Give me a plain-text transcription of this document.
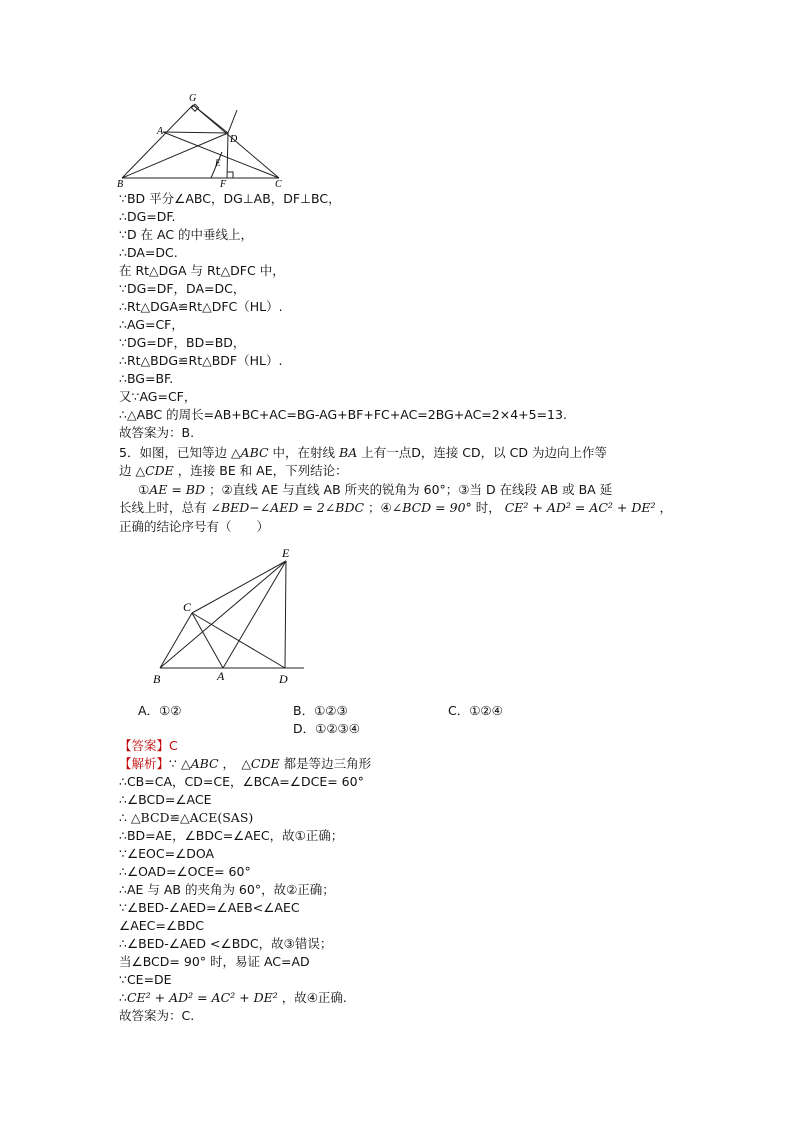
G
A
D
E
B	F	C
∵BD 平分∠ABC，DG⊥AB，DF⊥BC，
∴DG=DF.
∵D 在 AC 的中垂线上，
∴DA=DC.
在 Rt△DGA 与 Rt△DFC 中，
∵DG=DF，DA=DC，
∴Rt△DGA≌Rt△DFC（HL）.
∴AG=CF，
∵DG=DF，BD=BD，
∴Rt△BDG≌Rt△BDF（HL）.
∴BG=BF.
又∵AG=CF，
∴△ABC 的周长=AB+BC+AC=BG-AG+BF+FC+AC=2BG+AC=2×4+5=13.
故答案为：B.
5．如图，已知等边 △ABC 中，在射线 BA 上有一点D，连接 CD，以 CD 为边向上作等
边 △CDE ，连接 BE 和 AE，下列结论：
①AE = BD ；②直线 AE 与直线 AB 所夹的锐角为 60°；③当 D 在线段 AB 或 BA 延
长线上时，总有 ∠BED−∠AED = 2∠BDC ；④∠BCD = 90° 时， CE² + AD² = AC² + DE² ，
正确的结论序号有（　　）
E
C
B	A	D
A．①②	B．①②③	C．①②④
D．①②③④
【答案】C
【解析】∵ △ABC ，　△CDE 都是等边三角形
∴CB=CA，CD=CE，∠BCA=∠DCE= 60°
∴∠BCD=∠ACE
∴ △BCD≌△ACE(SAS)
∴BD=AE，∠BDC=∠AEC，故①正确；
∵∠EOC=∠DOA
∴∠OAD=∠OCE= 60°
∴AE 与 AB 的夹角为 60°，故②正确；
∵∠BED-∠AED=∠AEB<∠AEC
∠AEC=∠BDC
∴∠BED-∠AED <∠BDC，故③错误；
当∠BCD= 90° 时，易证 AC=AD
∵CE=DE
∴CE² + AD² = AC² + DE² ，故④正确.
故答案为：C.
